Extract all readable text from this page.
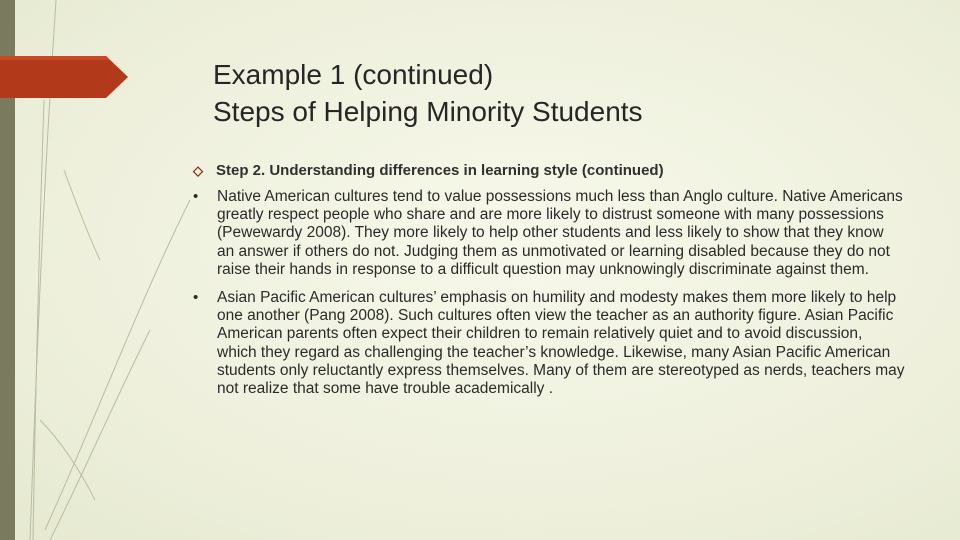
Example 1 (continued)
Steps of Helping Minority Students
◇ Step 2. Understanding differences in learning style (continued)
•	Native American cultures tend to value possessions much less than Anglo culture. Native Americans greatly respect people who share and are more likely to distrust someone with many possessions (Pewewardy 2008). They more likely to help other students and less likely to show that they know an answer if others do not. Judging them as unmotivated or learning disabled because they do not raise their hands in response to a difficult question may unknowingly discriminate against them.
•	Asian Pacific American cultures’ emphasis on humility and modesty makes them more likely to help one another (Pang 2008). Such cultures often view the teacher as an authority figure. Asian Pacific American parents often expect their children to remain relatively quiet and to avoid discussion, which they regard as challenging the teacher’s knowledge. Likewise, many Asian Pacific American students only reluctantly express themselves. Many of them are stereotyped as nerds, teachers may not realize that some have trouble academically .
